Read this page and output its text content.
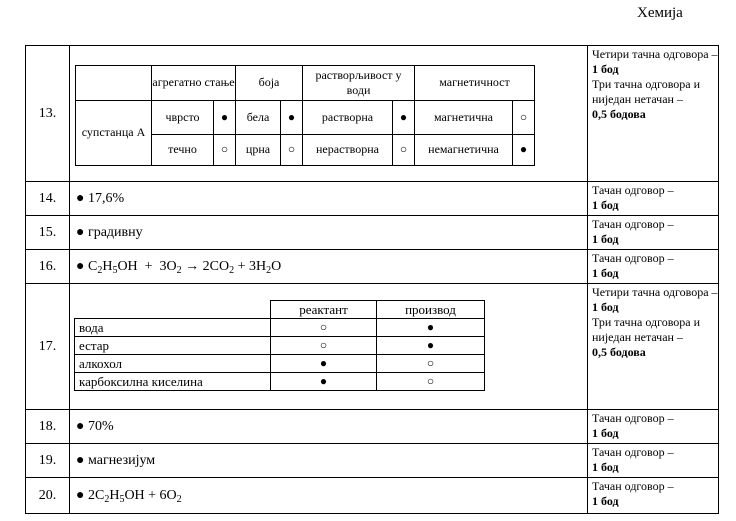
Хемија
13.	
	агрегатно стање	боја	растворљивост у води	магнетичност
супстанца А	чврсто	●	бела	●	растворна	●	магнетична	○
течно	○	црна	○	нерастворна	○	немагнетична	●

Четири тачна одговора –
1 бод
Три тачна одговора и ниједан нетачан –
0,5 бодова

14.	● 17,6%	
Тачан одговор –
1 бод

15.	● градивну	
Тачан одговор –
1 бод

16.	● $C_2H_5OH + 3O_2 \to 2CO_2 + 3H_2O$	
Тачан одговор –
1 бод

17.	
	реактант	производ
вода	○	●
естар	○	●
алкохол	●	○
карбоксилна киселина	●	○

Четири тачна одговора –
1 бод
Три тачна одговора и ниједан нетачан –
0,5 бодова

18.	● 70%	
Тачан одговор –
1 бод

19.	● магнезијум	
Тачан одговор –
1 бод

20.	● $2C_2H_5OH + 6O_2$	
Тачан одговор –
1 бод
